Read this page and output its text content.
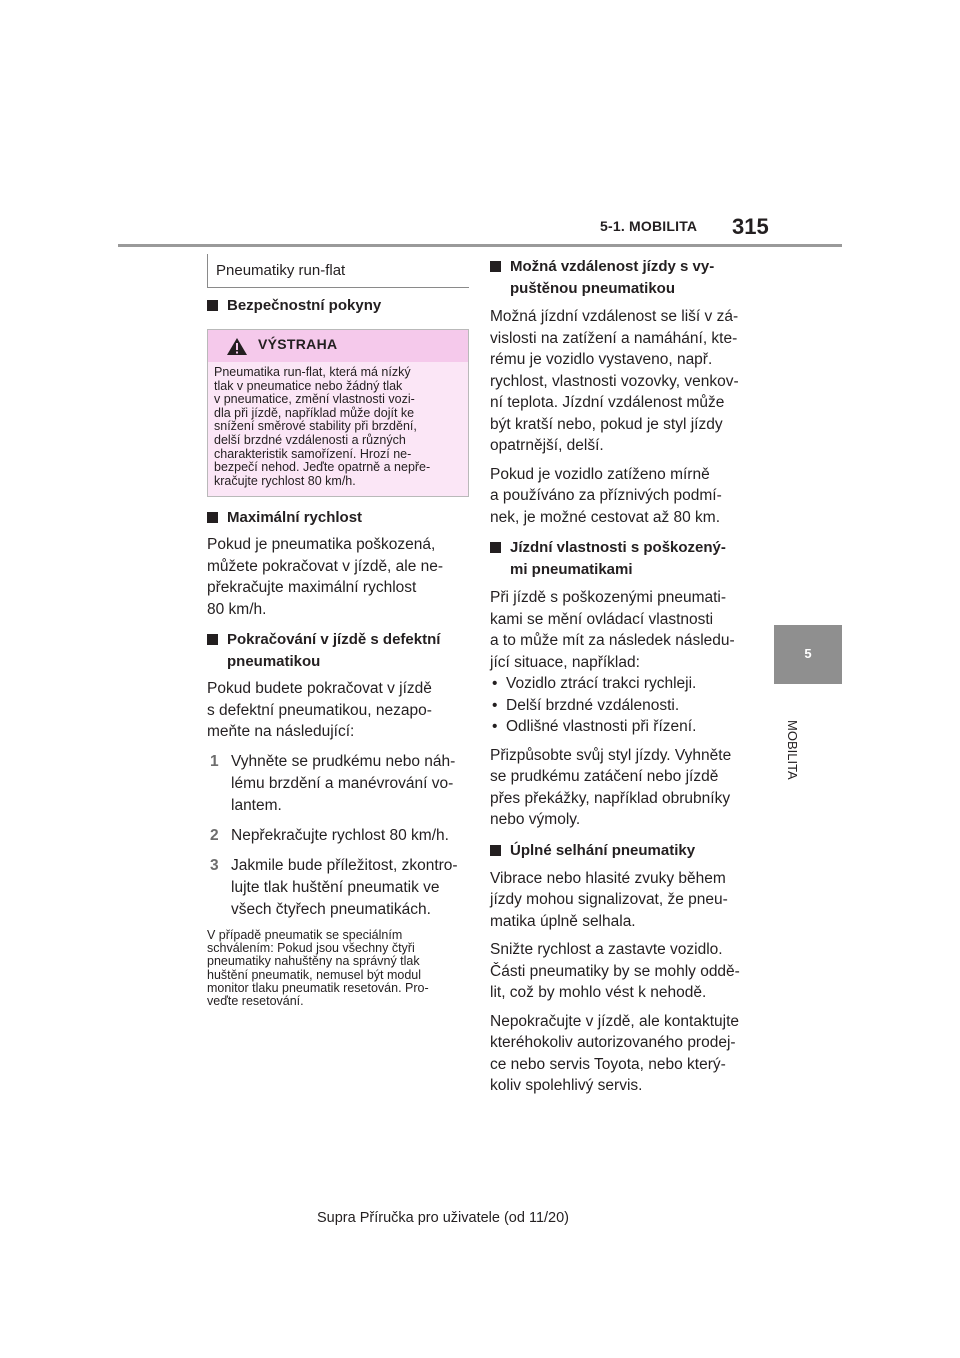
5-1. MOBILITA 315
5
MOBILITA
Pneumatiky run-flat

Bezpečnostní pokyny

VÝSTRAHA
Pneumatika run-flat, která má nízký
tlak v pneumatice nebo žádný tlak
v pneumatice, změní vlastnosti vozi-
dla při jízdě, například může dojít ke
snížení směrové stability při brzdění,
delší brzdné vzdálenosti a různých
charakteristik samořízení. Hrozí ne-
bezpečí nehod. Jeďte opatrně a nepře-
kračujte rychlost 80 km/h.

Maximální rychlost

Pokud je pneumatika poškozená,
můžete pokračovat v jízdě, ale ne-
překračujte maximální rychlost
80 km/h.
Pokračování v jízdě s defektní
pneumatikou
Pokud budete pokračovat v jízdě
s defektní pneumatikou, nezapo-
meňte na následující:
1 Vyhněte se prudkému nebo náh-
lému brzdění a manévrování vo-
lantem.
2 Nepřekračujte rychlost 80 km/h.
3 Jakmile bude příležitost, zkontro-
lujte tlak huštění pneumatik ve
všech čtyřech pneumatikách.
V případě pneumatik se speciálním
schválením: Pokud jsou všechny čtyři
pneumatiky nahuštěny na správný tlak
huštění pneumatik, nemusel být modul
monitor tlaku pneumatik resetován. Pro-
veďte resetování.
Možná vzdálenost jízdy s vy-
puštěnou pneumatikou
Možná jízdní vzdálenost se liší v zá-
vislosti na zatížení a namáhání, kte-
rému je vozidlo vystaveno, např.
rychlost, vlastnosti vozovky, venkov-
ní teplota. Jízdní vzdálenost může
být kratší nebo, pokud je styl jízdy
opatrnější, delší.
Pokud je vozidlo zatíženo mírně
a používáno za příznivých podmí-
nek, je možné cestovat až 80 km.
Jízdní vlastnosti s poškozený-
mi pneumatikami
Při jízdě s poškozenými pneumati-
kami se mění ovládací vlastnosti
a to může mít za následek následu-
jící situace, například:
• Vozidlo ztrácí trakci rychleji.
• Delší brzdné vzdálenosti.
• Odlišné vlastnosti při řízení.
Přizpůsobte svůj styl jízdy. Vyhněte
se prudkému zatáčení nebo jízdě
přes překážky, například obrubníky
nebo výmoly.

Úplné selhání pneumatiky

Vibrace nebo hlasité zvuky během
jízdy mohou signalizovat, že pneu-
matika úplně selhala.
Snižte rychlost a zastavte vozidlo.
Části pneumatiky by se mohly oddě-
lit, což by mohlo vést k nehodě.
Nepokračujte v jízdě, ale kontaktujte
kteréhokoliv autorizovaného prodej-
ce nebo servis Toyota, nebo který-
koliv spolehlivý servis.
Supra Příručka pro uživatele (od 11/20)
